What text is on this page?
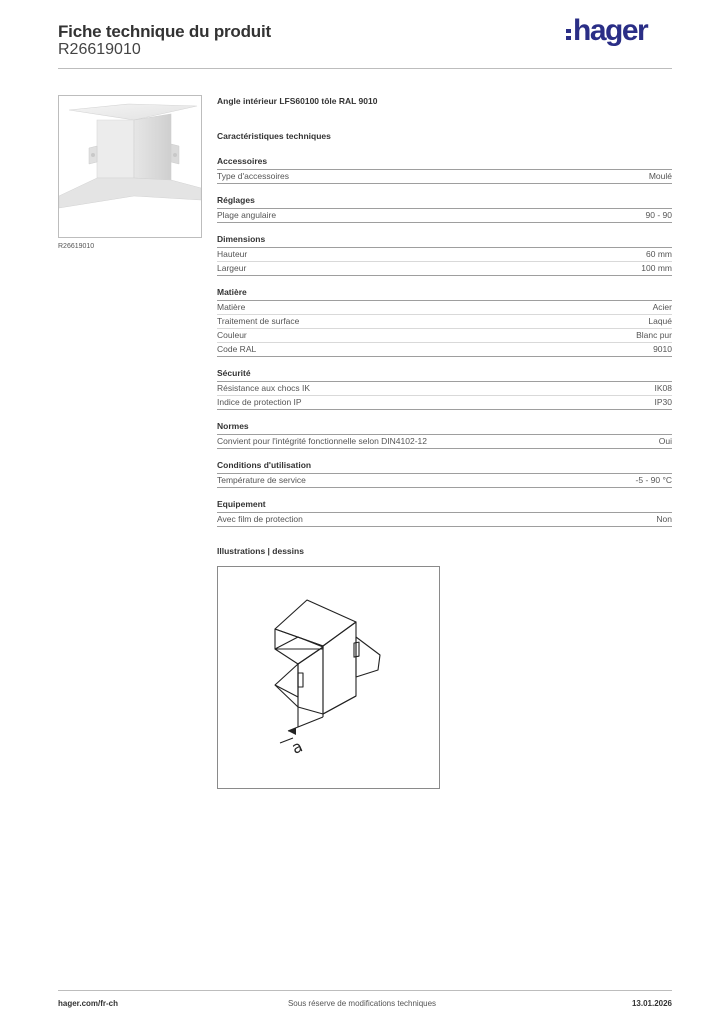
Fiche technique du produit
R26619010
hager
R26619010
Angle intérieur LFS60100 tôle RAL 9010
Caractéristiques techniques
Accessoires
Type d'accessoires	Moulé
Réglages
Plage angulaire	90 - 90
Dimensions
Hauteur	60 mm
Largeur	100 mm
Matière
Matière	Acier
Traitement de surface	Laqué
Couleur	Blanc pur
Code RAL	9010
Sécurité
Résistance aux chocs IK	IK08
Indice de protection IP	IP30
Normes
Convient pour l'intégrité fonctionnelle selon DIN4102-12	Oui
Conditions d'utilisation
Température de service	-5 - 90 °C
Equipement
Avec film de protection	Non
Illustrations | dessins
a
hager.com/fr-ch	Sous réserve de modifications techniques	13.01.2026
